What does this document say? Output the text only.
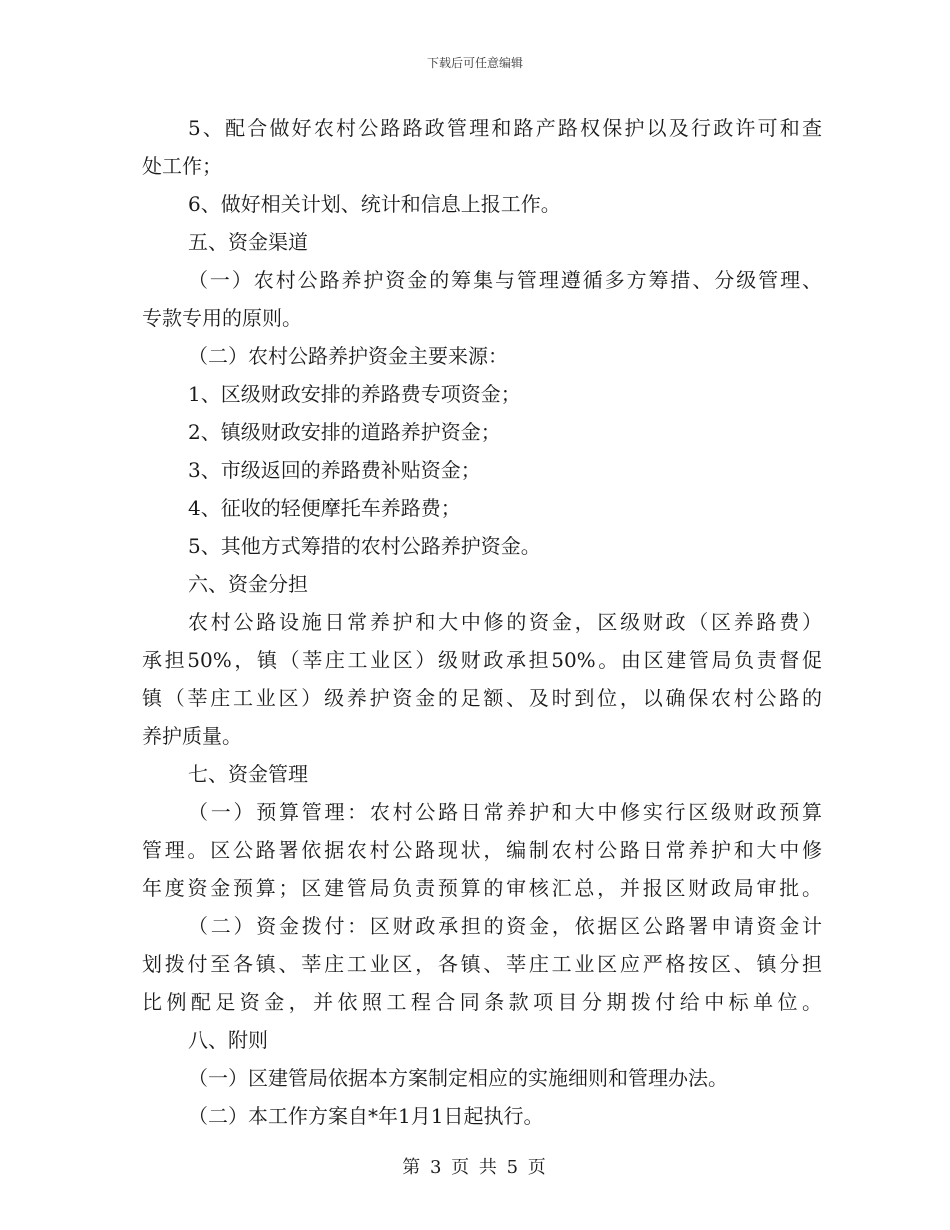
下载后可任意编辑
5、配合做好农村公路路政管理和路产路权保护以及行政许可和查
处工作；
6、做好相关计划、统计和信息上报工作。
五、资金渠道
（一）农村公路养护资金的筹集与管理遵循多方筹措、分级管理、
专款专用的原则。
（二）农村公路养护资金主要来源：
1、区级财政安排的养路费专项资金；
2、镇级财政安排的道路养护资金；
3、市级返回的养路费补贴资金；
4、征收的轻便摩托车养路费；
5、其他方式筹措的农村公路养护资金。
六、资金分担
农村公路设施日常养护和大中修的资金，区级财政（区养路费）
承担50%，镇（莘庄工业区）级财政承担50%。由区建管局负责督促
镇（莘庄工业区）级养护资金的足额、及时到位，以确保农村公路的
养护质量。
七、资金管理
（一）预算管理：农村公路日常养护和大中修实行区级财政预算
管理。区公路署依据农村公路现状，编制农村公路日常养护和大中修
年度资金预算；区建管局负责预算的审核汇总，并报区财政局审批。
（二）资金拨付：区财政承担的资金，依据区公路署申请资金计
划拨付至各镇、莘庄工业区，各镇、莘庄工业区应严格按区、镇分担
比例配足资金，并依照工程合同条款项目分期拨付给中标单位。
八、附则
（一）区建管局依据本方案制定相应的实施细则和管理办法。
（二）本工作方案自*年1月1日起执行。
第 3 页 共 5 页
